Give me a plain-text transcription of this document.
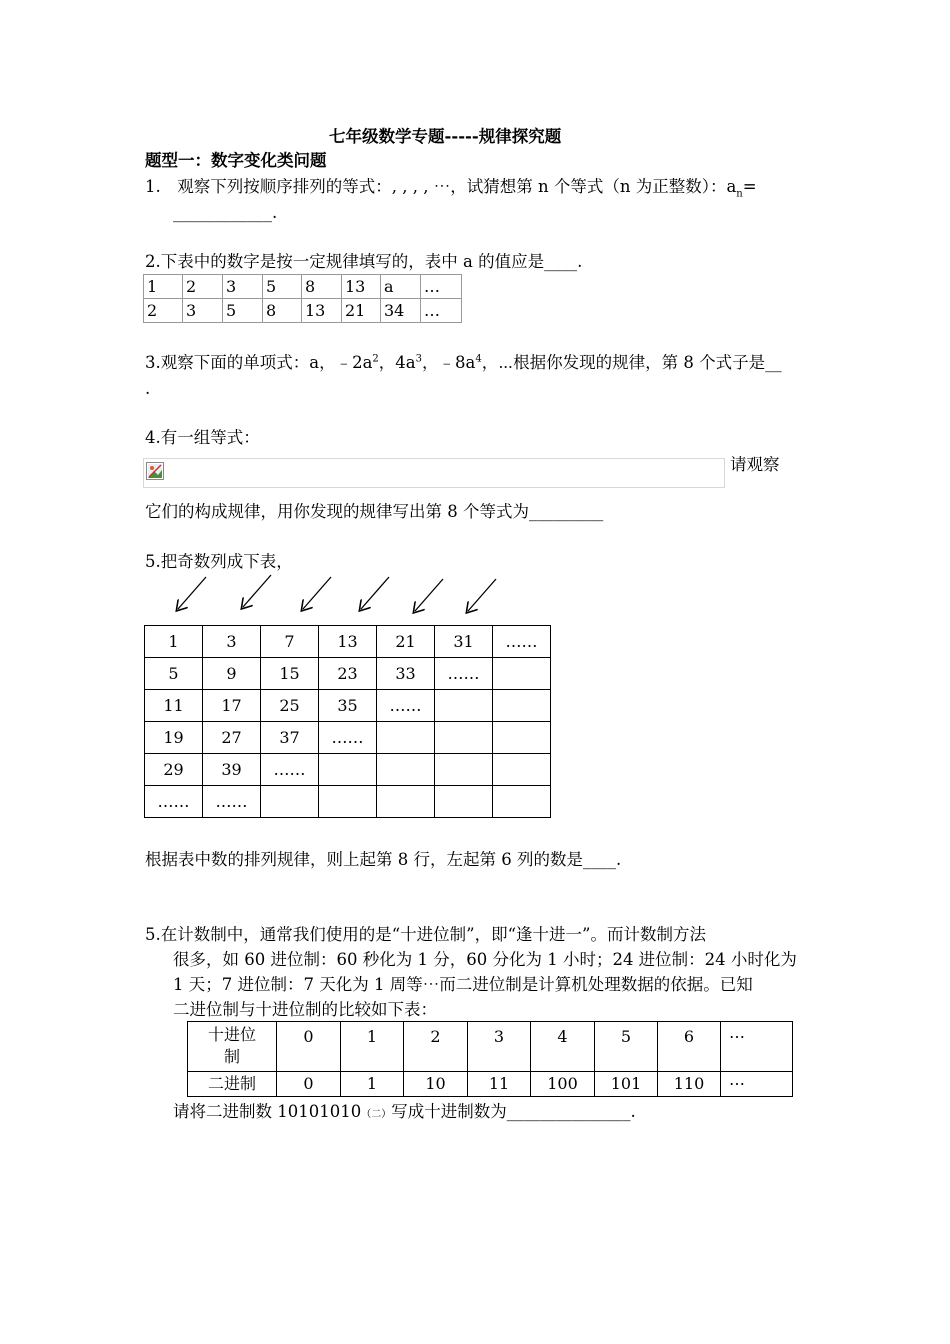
七年级数学专题-----规律探究题
题型一：数字变化类问题
1.　观察下列按顺序排列的等式：, , , , ⋯，试猜想第 n 个等式（n 为正整数）：$a_n=$
____________.
2.下表中的数字是按一定规律填写的，表中 a 的值应是____.
1	2	3	5	8	13	a	…
2	3	5	8	13	21	34	…
3.观察下面的单项式：a，$﹣2a^2$，$4a^3$，$﹣8a^4$，⋯根据你发现的规律，第 8 个式子是__
.
4.有一组等式：
请观察
它们的构成规律，用你发现的规律写出第 8 个等式为_________
5.把奇数列成下表，
1	3	7	13	21	31	……
5	9	15	23	33	……	
11	17	25	35	……		
19	27	37	……			
29	39	……				
……	……					
根据表中数的排列规律，则上起第 8 行，左起第 6 列的数是____.
5.在计数制中，通常我们使用的是“十进位制”，即“逢十进一”。而计数制方法
很多，如 60 进位制：60 秒化为 1 分，60 分化为 1 小时；24 进位制：24 小时化为
1 天；7 进位制：7 天化为 1 周等⋯而二进位制是计算机处理数据的依据。已知
二进位制与十进位制的比较如下表：
十进位
制	0	1	2	3	4	5	6	⋯
二进制	0	1	10	11	100	101	110	⋯
请将二进制数 10101010（二）写成十进制数为_______________.
